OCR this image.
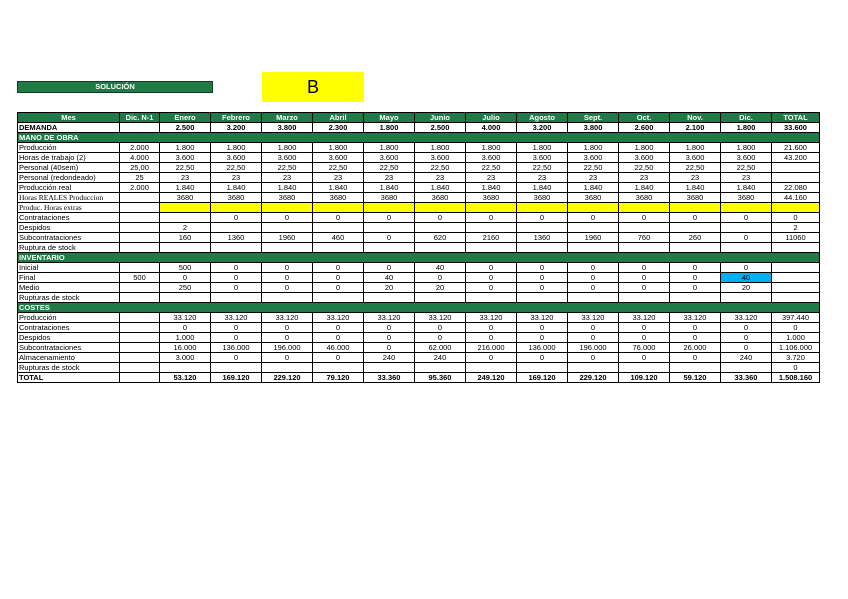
SOLUCIÓN	B
Mes	Dic. N-1	Enero	Febrero	Marzo	Abril	Mayo	Junio	Julio	Agosto	Sept.	Oct.	Nov.	Dic.	TOTAL
DEMANDA		2.500	3.200	3.800	2.300	1.800	2.500	4.000	3.200	3.800	2.600	2.100	1.800	33.600
MANO DE OBRA														
Producción	2.000	1.800	1.800	1.800	1.800	1.800	1.800	1.800	1.800	1.800	1.800	1.800	1.800	21.600
Horas de trabajo (2)	4.000	3.600	3.600	3.600	3.600	3.600	3.600	3.600	3.600	3.600	3.600	3.600	3.600	43.200
Personal (40sem)	25,00	22,50	22,50	22,50	22,50	22,50	22,50	22,50	22,50	22,50	22,50	22,50	22,50	
Personal (redondeado)	25	23	23	23	23	23	23	23	23	23	23	23	23	
Producción real	2.000	1.840	1.840	1.840	1.840	1.840	1.840	1.840	1.840	1.840	1.840	1.840	1.840	22.080
Horas REALES Produccion		3680	3680	3680	3680	3680	3680	3680	3680	3680	3680	3680	3680	44.160
Produc. Horas extras														
Contrataciones			0	0	0	0	0	0	0	0	0	0	0	0
Despidos		2												2
Subcontrataciones		160	1360	1960	460	0	620	2160	1360	1960	760	260	0	11060
Ruptura de stock														
INVENTARIO														
Inicial		500	0	0	0	0	40	0	0	0	0	0	0	
Final	500	0	0	0	0	40	0	0	0	0	0	0	40	
Medio		250	0	0	0	20	20	0	0	0	0	0	20	
Rupturas de stock														
COSTES														
Producción		33.120	33.120	33.120	33.120	33.120	33.120	33.120	33.120	33.120	33.120	33.120	33.120	397.440
Contrataciones		0	0	0	0	0	0	0	0	0	0	0	0	0
Despidos		1.000	0	0	0	0	0	0	0	0	0	0	0	1.000
Subcontrataciones		16.000	136.000	196.000	46.000	0	62.000	216.000	136.000	196.000	76.000	26.000	0	1.106.000
Almacenamiento		3.000	0	0	0	240	240	0	0	0	0	0	240	3.720
Rupturas de stock														0
TOTAL		53.120	169.120	229.120	79.120	33.360	95.360	249.120	169.120	229.120	109.120	59.120	33.360	1.508.160
